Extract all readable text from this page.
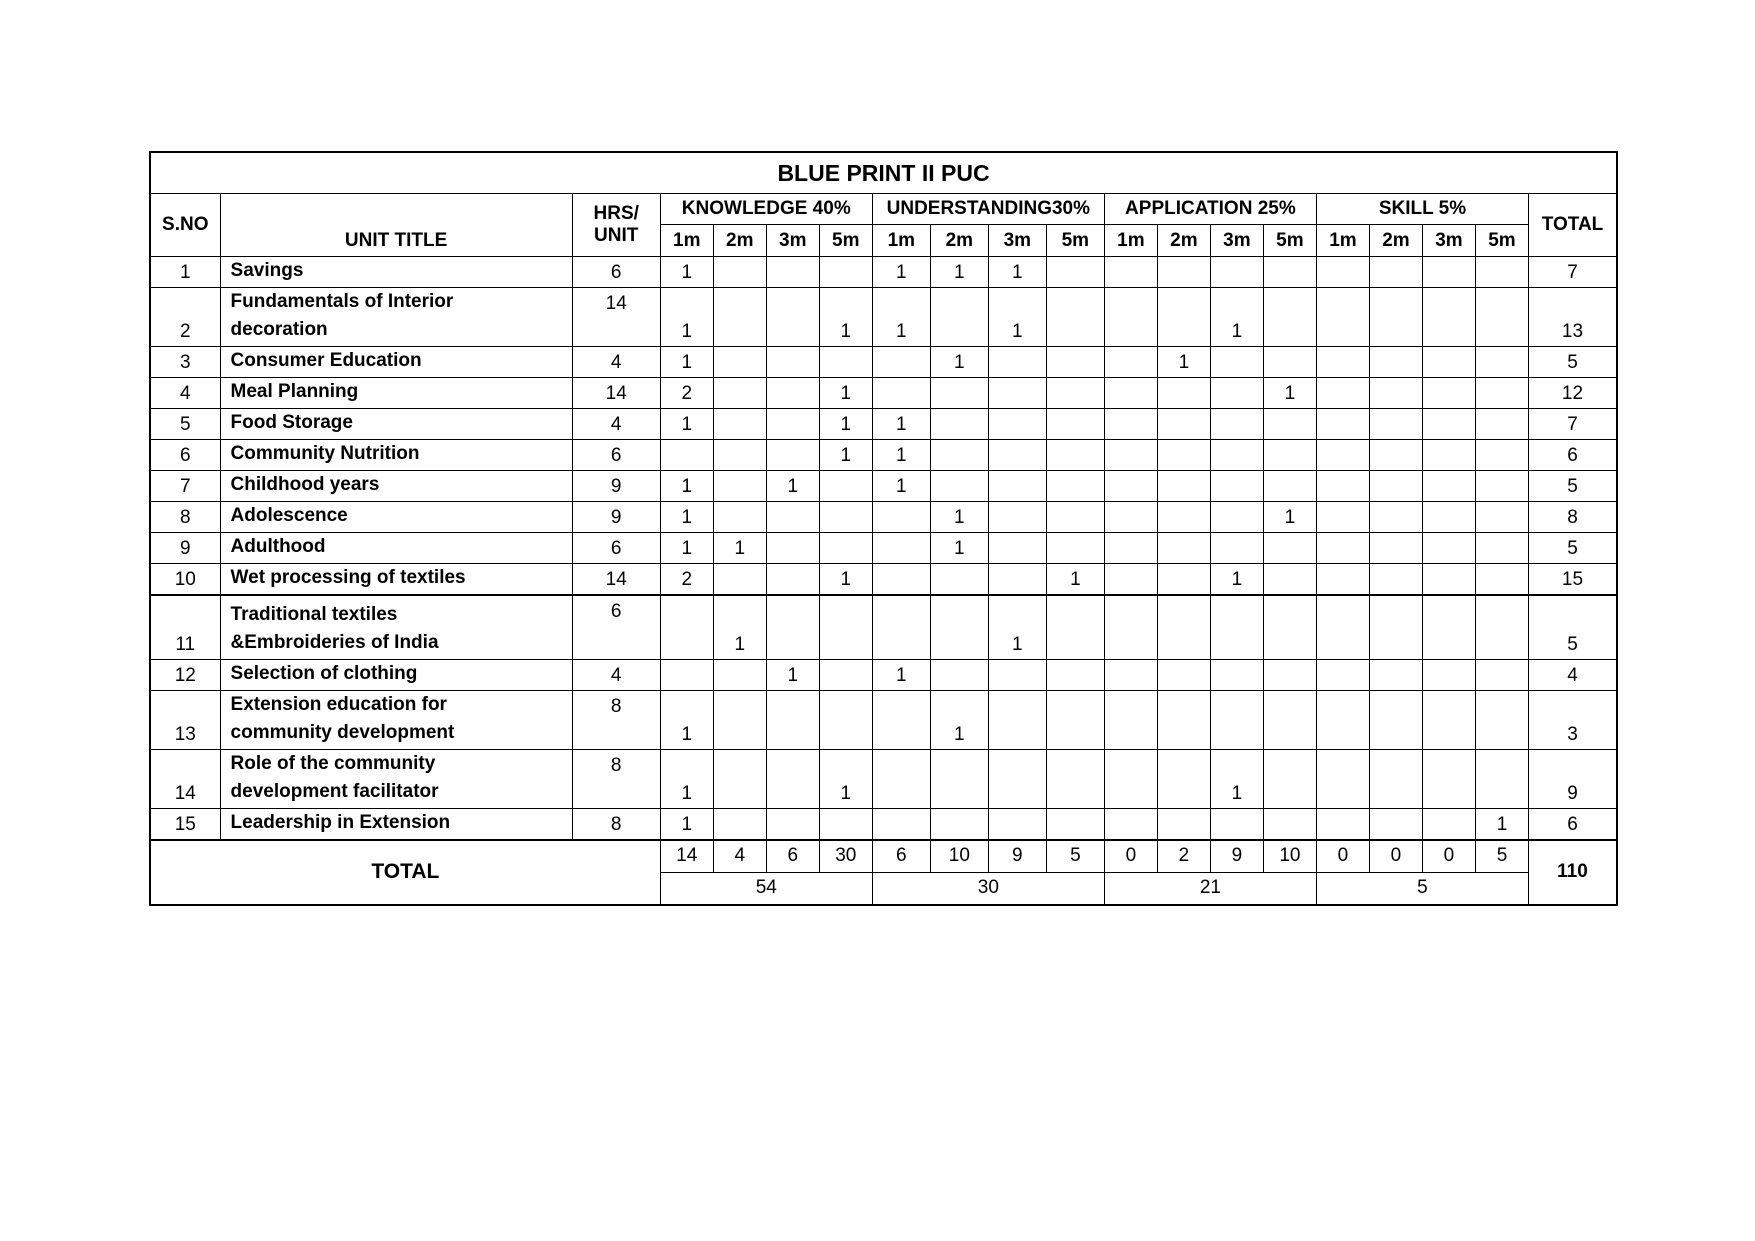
BLUE PRINT II PUC																			
S.NO	UNIT TITLE	HRS/
UNIT	KNOWLEDGE 40%				UNDERSTANDING30%				APPLICATION 25%				SKILL 5%				TOTAL
			1m	2m	3m	5m	1m	2m	3m	5m	1m	2m	3m	5m	1m	2m	3m	5m	
1	Savings	6	1				1	1	1										7
2	Fundamentals of Interior
decoration	14	1			1	1		1				1						13
3	Consumer Education	4	1					1				1							5
4	Meal Planning	14	2			1								1					12
5	Food Storage	4	1			1	1												7
6	Community Nutrition	6				1	1												6
7	Childhood years	9	1		1		1												5
8	Adolescence	9	1					1						1					8
9	Adulthood	6	1	1				1											5
10	Wet processing of textiles	14	2			1				1			1						15
11	Traditional textiles
&Embroideries of India	6		1					1										5
12	Selection of clothing	4			1		1												4
13	Extension education for
community development	8	1					1											3
14	Role of the community
development facilitator	8	1			1							1						9
15	Leadership in Extension	8	1															1	6
TOTAL			14	4	6	30	6	10	9	5	0	2	9	10	0	0	0	5	110
			54				30				21				5				
